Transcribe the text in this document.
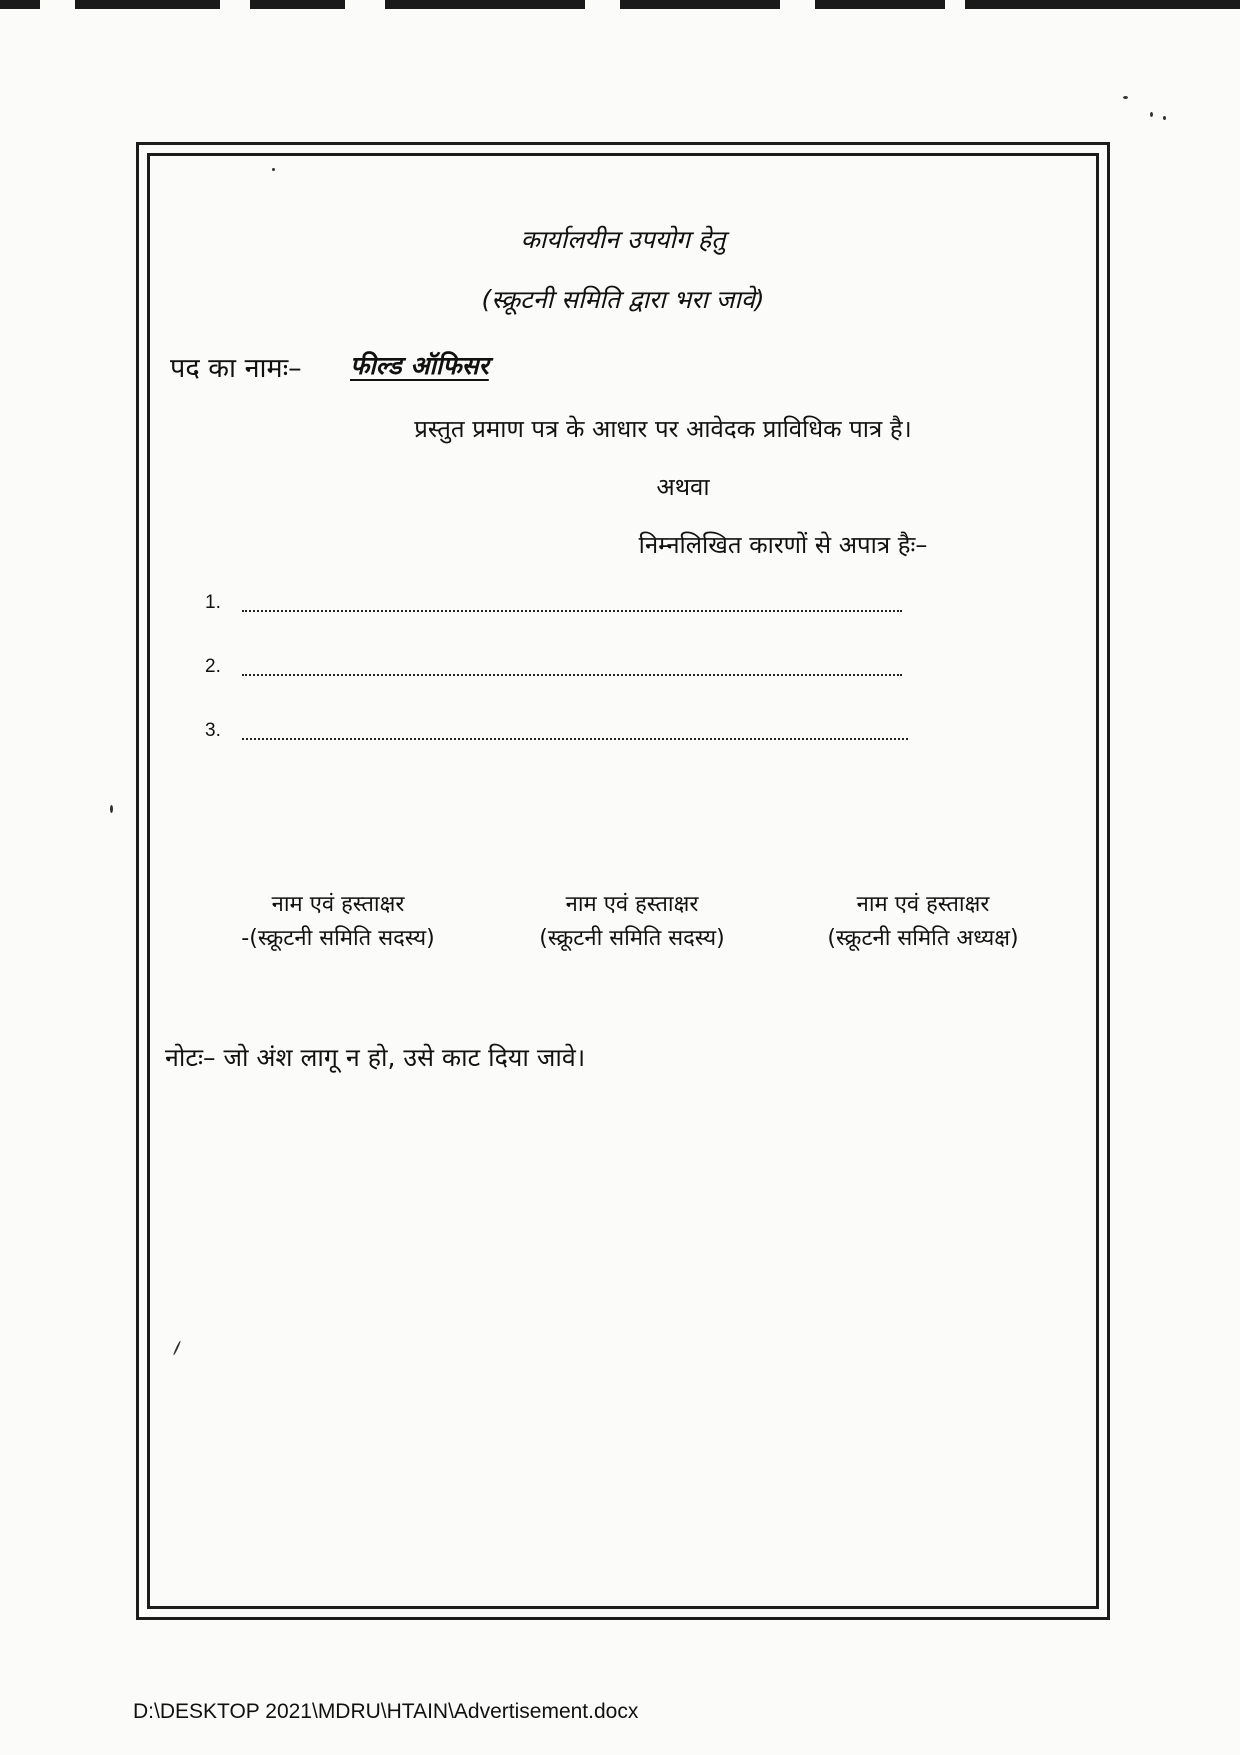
कार्यालयीन उपयोग हेतु
(स्क्रूटनी समिति द्वारा भरा जावे)
पद का नामः– फील्ड ऑफिसर
प्रस्तुत प्रमाण पत्र के आधार पर आवेदक प्राविधिक पात्र है।
अथवा
निम्नलिखित कारणों से अपात्र हैः–
1.
2.
3.
नाम एवं हस्ताक्षर
-(स्क्रूटनी समिति सदस्य)
नाम एवं हस्ताक्षर
(स्क्रूटनी समिति सदस्य)
नाम एवं हस्ताक्षर
(स्क्रूटनी समिति अध्यक्ष)
नोटः– जो अंश लागू न हो, उसे काट दिया जावे।
D:\DESKTOP 2021\MDRU\HTAIN\Advertisement.docx
